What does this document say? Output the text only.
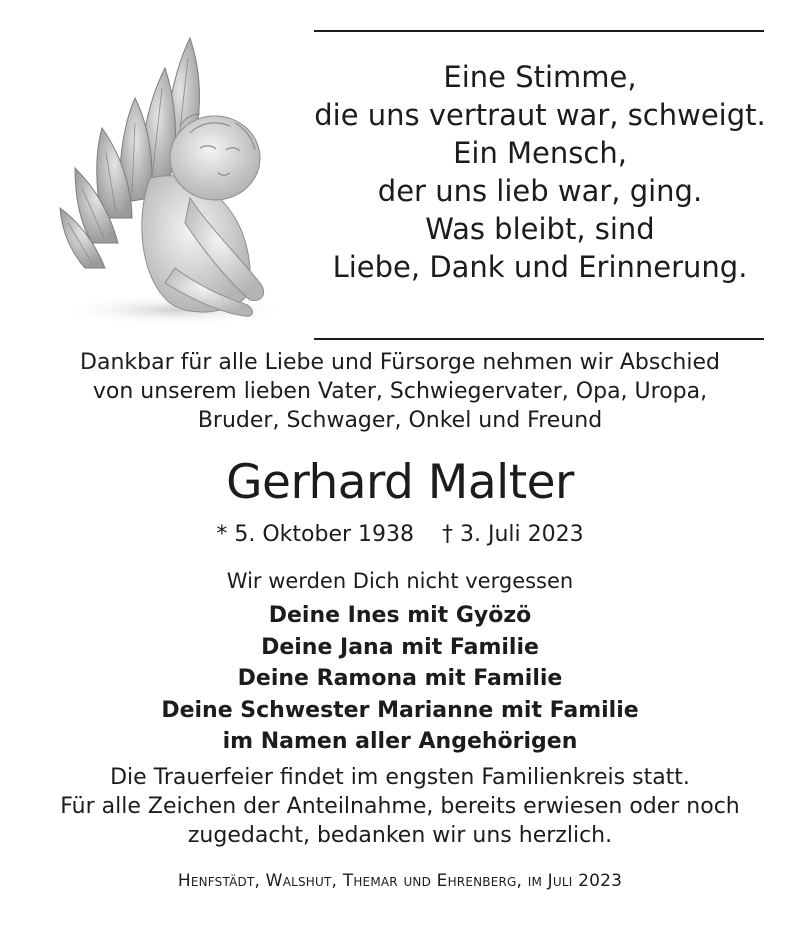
Eine Stimme,
die uns vertraut war, schweigt.
Ein Mensch,
der uns lieb war, ging.
Was bleibt, sind
Liebe, Dank und Erinnerung.
Dankbar für alle Liebe und Fürsorge nehmen wir Abschied
von unserem lieben Vater, Schwiegervater, Opa, Uropa,
Bruder, Schwager, Onkel und Freund
Gerhard Malter
* 5. Oktober 1938 † 3. Juli 2023
Wir werden Dich nicht vergessen
Deine Ines mit Gyözö
Deine Jana mit Familie
Deine Ramona mit Familie
Deine Schwester Marianne mit Familie
im Namen aller Angehörigen
Die Trauerfeier findet im engsten Familienkreis statt.
Für alle Zeichen der Anteilnahme, bereits erwiesen oder noch
zugedacht, bedanken wir uns herzlich.
Henfstädt, Walshut, Themar und Ehrenberg, im Juli 2023
